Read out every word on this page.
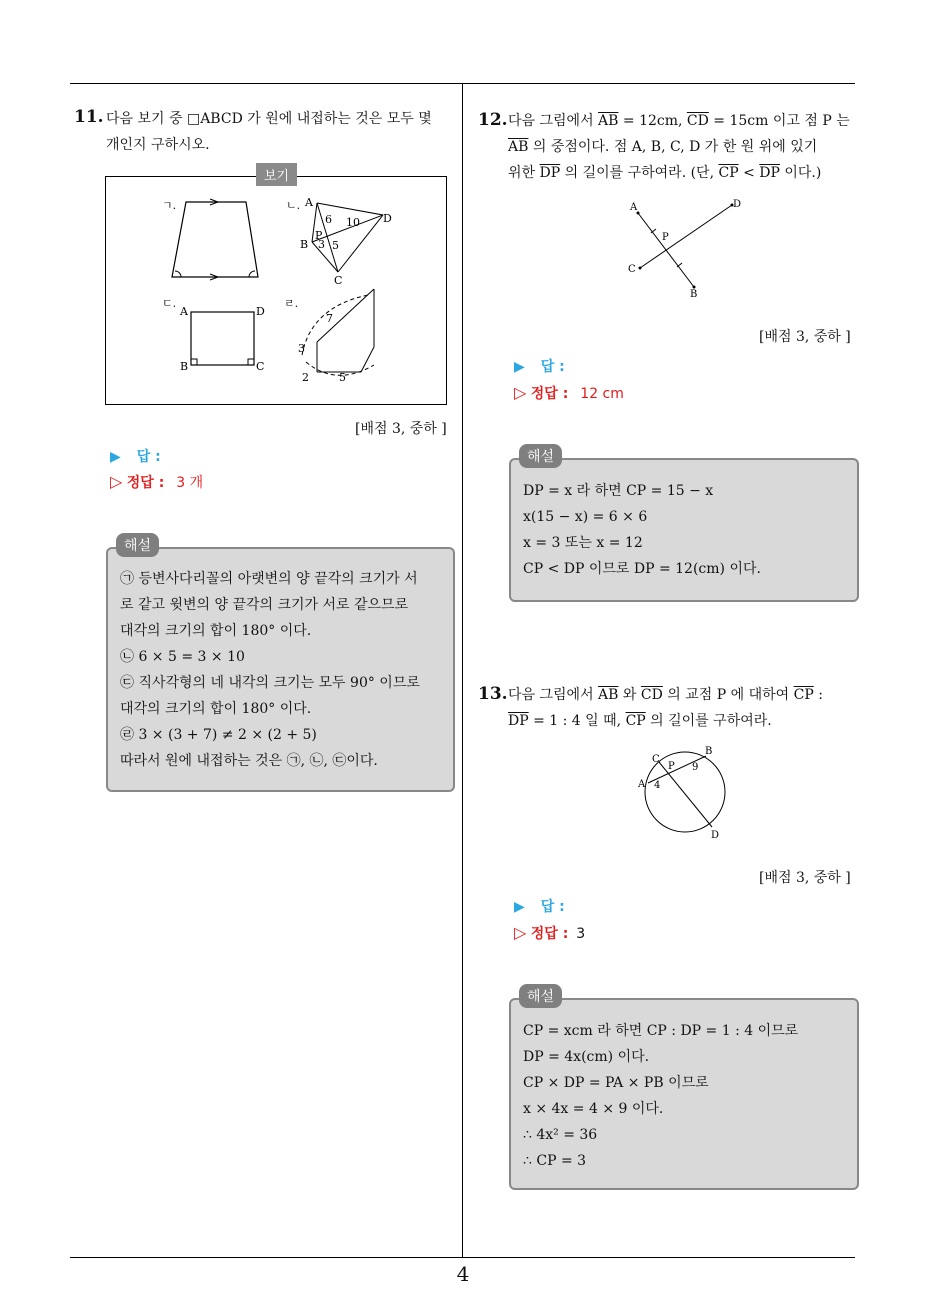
11. 다음 보기 중 □ABCD 가 원에 내접하는 것은 모두 몇
개인지 구하시오.
보기
ㄱ.	ㄴ. A
D
B
C
P
6 10
3 5
ㄷ.
A	D
B	C
ㄹ.
7
3
2	5
[배점 3, 중하 ]
▶ 답 :
▷ 정답 : 3 개
해설
㉠ 등변사다리꼴의 아랫변의 양 끝각의 크기가 서
로 같고 윗변의 양 끝각의 크기가 서로 같으므로
대각의 크기의 합이 180° 이다.
㉡ 6 × 5 = 3 × 10
㉢ 직사각형의 네 내각의 크기는 모두 90° 이므로
대각의 크기의 합이 180° 이다.
㉣ 3 × (3 + 7) ≠ 2 × (2 + 5)
따라서 원에 내접하는 것은 ㉠, ㉡, ㉢이다.
12. 다음 그림에서 $\overline{AB} = 12cm$, $\overline{CD} = 15cm$ 이고 점 P 는
$\overline{AB}$ 의 중점이다. 점 A, B, C, D 가 한 원 위에 있기
위한 $\overline{DP}$ 의 길이를 구하여라. (단, $\overline{CP} < \overline{DP}$ 이다.)
A	D
P
C
B
[배점 3, 중하 ]
▶ 답 :
▷ 정답 : 12 cm
해설
DP = x 라 하면 CP = 15 − x
x(15 − x) = 6 × 6
x = 3 또는 x = 12
CP < DP 이므로 DP = 12(cm) 이다.
13. 다음 그림에서 $\overline{AB}$ 와 $\overline{CD}$ 의 교점 P 에 대하여 $\overline{CP}$ :
$\overline{DP} = 1$ : 4 일 때, $\overline{CP}$ 의 길이를 구하여라.
C
B
P
A 4
9
D
[배점 3, 중하 ]
▶ 답 :
▷ 정답 : 3
해설
CP = xcm 라 하면 CP : DP = 1 : 4 이므로
DP = 4x(cm) 이다.
CP × DP = PA × PB 이므로
x × 4x = 4 × 9 이다.
∴ 4x² = 36
∴ CP = 3
4
